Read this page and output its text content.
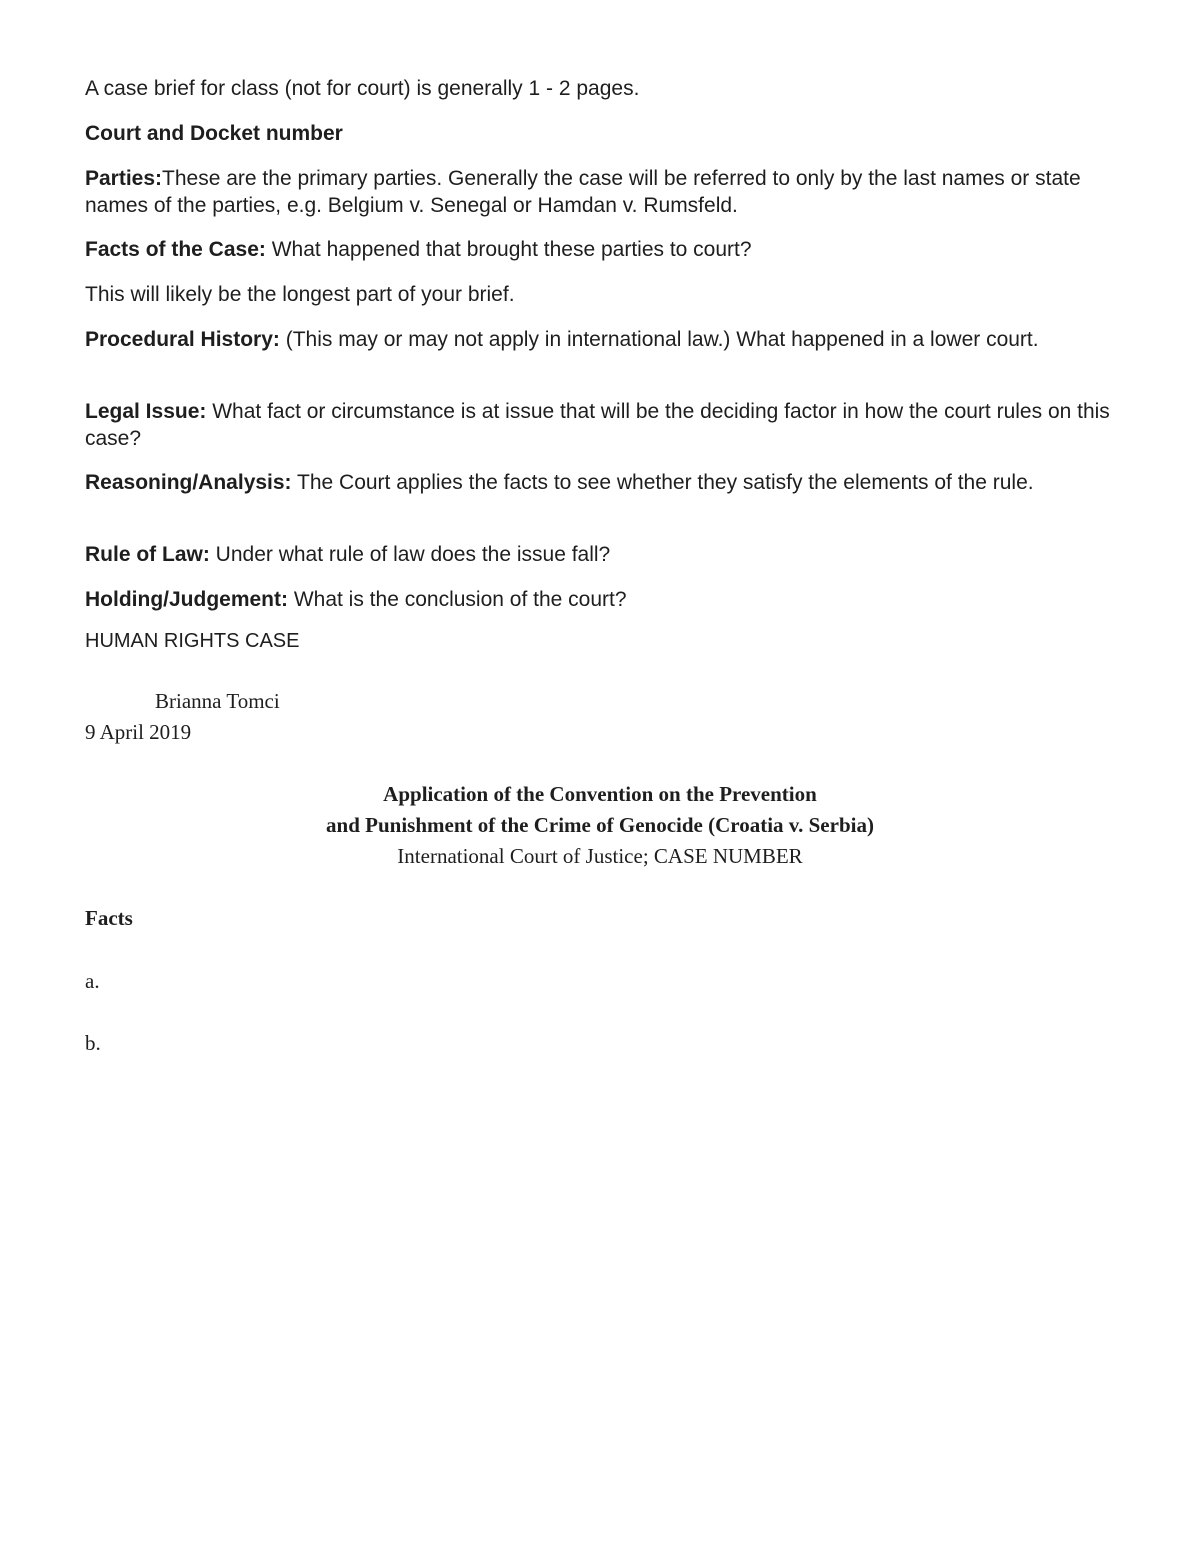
A case brief for class (not for court) is generally 1 - 2 pages.

Court and Docket number

Parties:These are the primary parties. Generally the case will be referred to only by the last names or state names of the parties, e.g. Belgium v. Senegal or Hamdan v. Rumsfeld.

Facts of the Case: What happened that brought these parties to court?

This will likely be the longest part of your brief.

Procedural History: (This may or may not apply in international law.) What happened in a lower court.

Legal Issue: What fact or circumstance is at issue that will be the deciding factor in how the court rules on this case?

Reasoning/Analysis: The Court applies the facts to see whether they satisfy the elements of the rule.

Rule of Law: Under what rule of law does the issue fall?

Holding/Judgement: What is the conclusion of the court?

HUMAN RIGHTS CASE

Brianna Tomci

9 April 2019

Application of the Convention on the Prevention

and Punishment of the Crime of Genocide (Croatia v. Serbia)

International Court of Justice; CASE NUMBER

Facts

a.

b.
